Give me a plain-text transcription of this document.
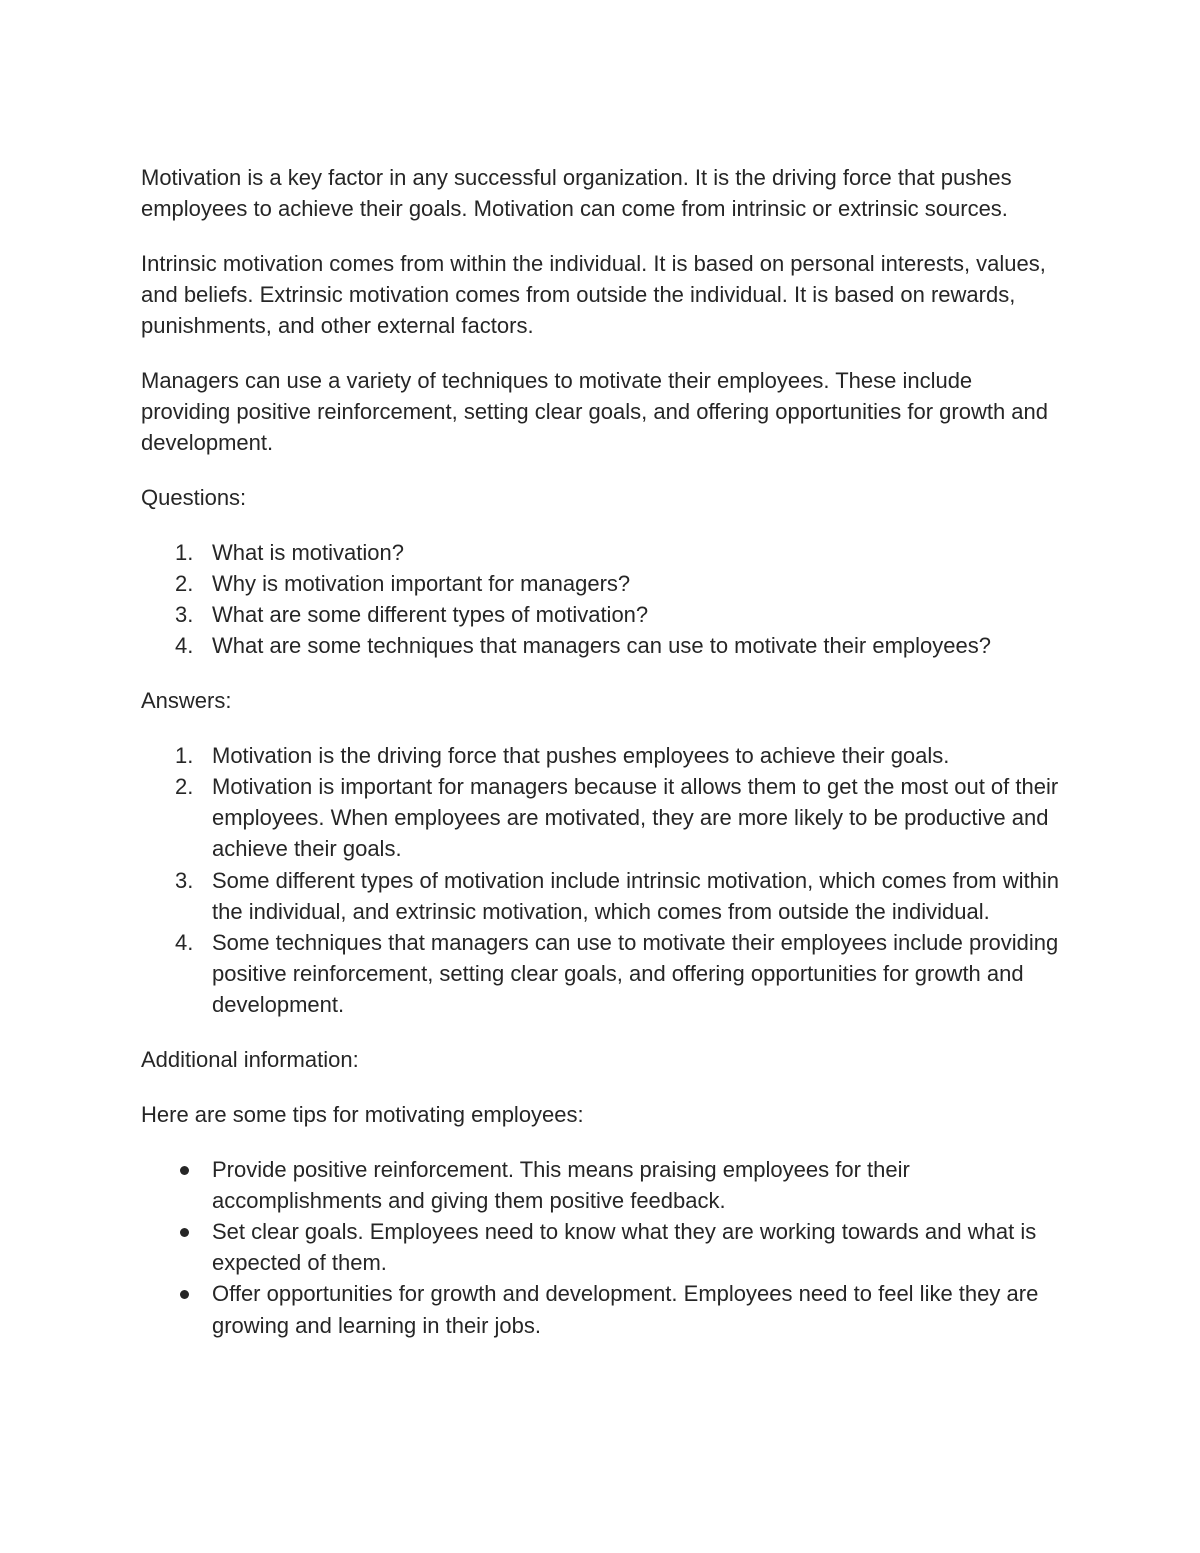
Motivation is a key factor in any successful organization. It is the driving force that pushes employees to achieve their goals. Motivation can come from intrinsic or extrinsic sources.

Intrinsic motivation comes from within the individual. It is based on personal interests, values, and beliefs. Extrinsic motivation comes from outside the individual. It is based on rewards, punishments, and other external factors.

Managers can use a variety of techniques to motivate their employees. These include providing positive reinforcement, setting clear goals, and offering opportunities for growth and development.

Questions:

1. What is motivation?
2. Why is motivation important for managers?
3. What are some different types of motivation?
4. What are some techniques that managers can use to motivate their employees?

Answers:

1. Motivation is the driving force that pushes employees to achieve their goals.
2. Motivation is important for managers because it allows them to get the most out of their employees. When employees are motivated, they are more likely to be productive and achieve their goals.
3. Some different types of motivation include intrinsic motivation, which comes from within the individual, and extrinsic motivation, which comes from outside the individual.
4. Some techniques that managers can use to motivate their employees include providing positive reinforcement, setting clear goals, and offering opportunities for growth and development.

Additional information:

Here are some tips for motivating employees:

Provide positive reinforcement. This means praising employees for their accomplishments and giving them positive feedback.
Set clear goals. Employees need to know what they are working towards and what is expected of them.
Offer opportunities for growth and development. Employees need to feel like they are growing and learning in their jobs.
